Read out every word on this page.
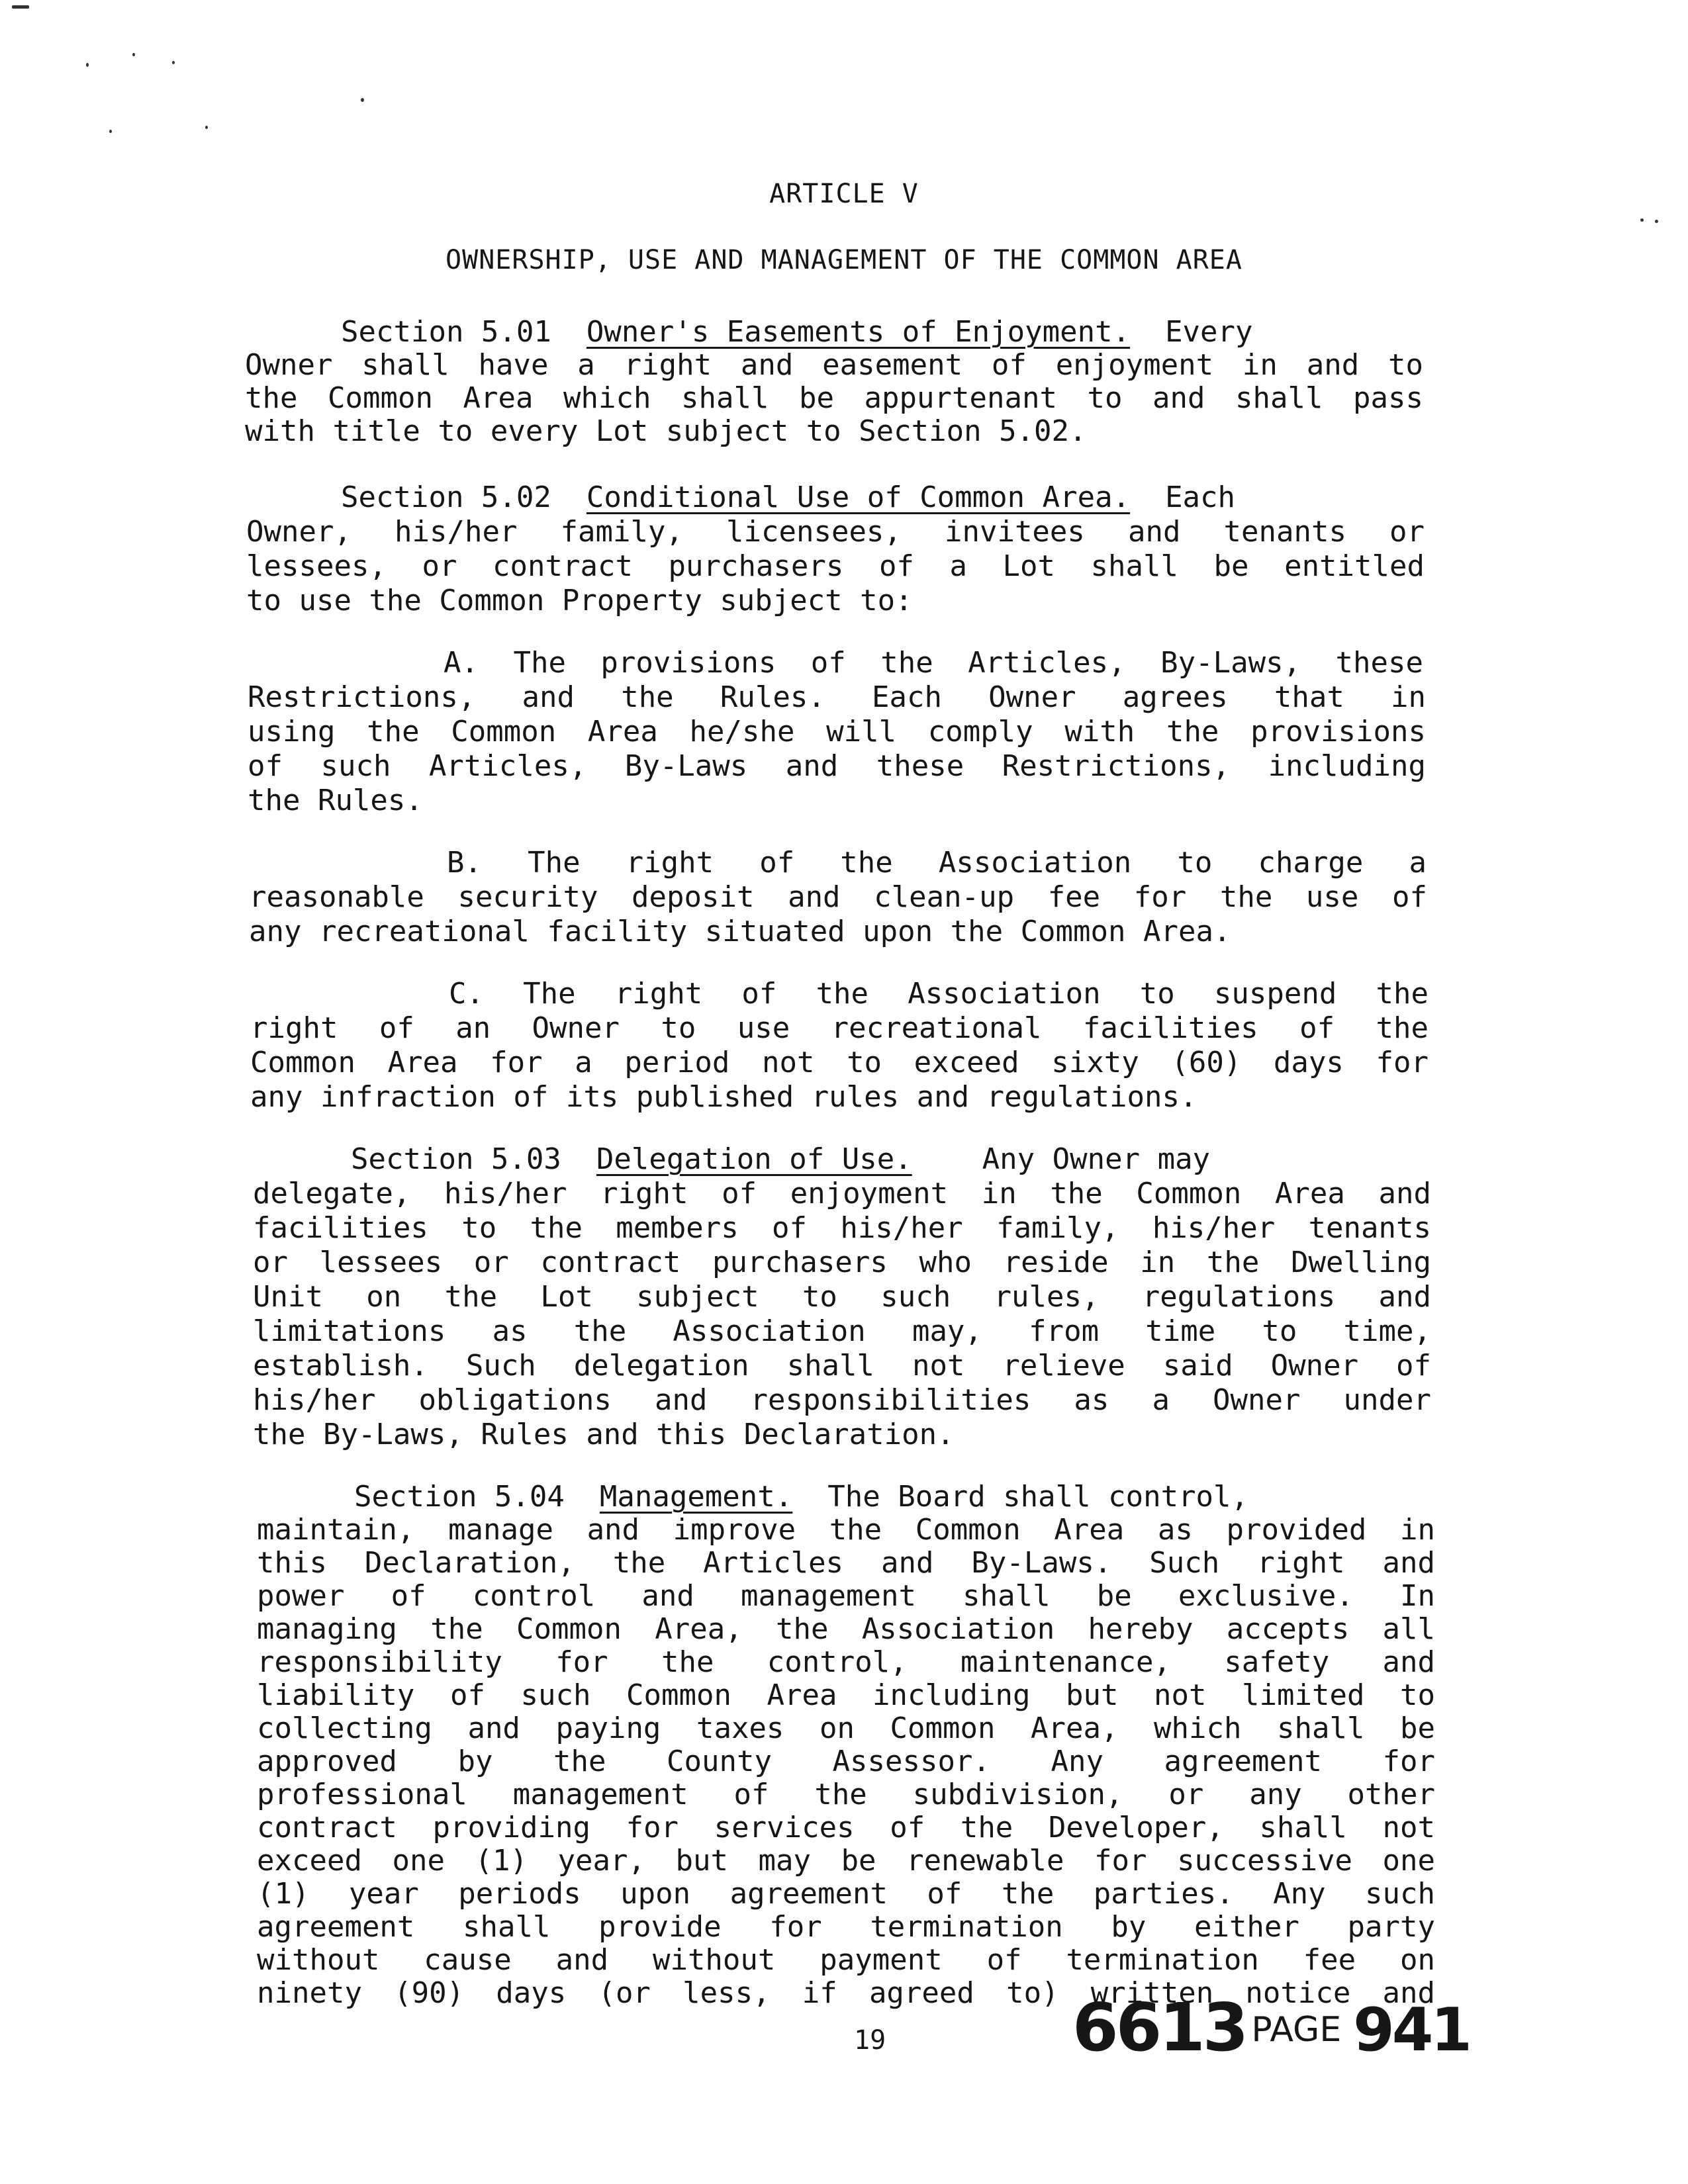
ARTICLE V
OWNERSHIP, USE AND MANAGEMENT OF THE COMMON AREA
Section 5.01 Owner's Easements of Enjoyment. Every
Owner shall have a right and easement of enjoyment in and to
the Common Area which shall be appurtenant to and shall pass
with title to every Lot subject to Section 5.02.
Section 5.02 Conditional Use of Common Area. Each
Owner, his/her family, licensees, invitees and tenants or
lessees, or contract purchasers of a Lot shall be entitled
to use the Common Property subject to:
A. The provisions of the Articles, By-Laws, these
Restrictions, and the Rules. Each Owner agrees that in
using the Common Area he/she will comply with the provisions
of such Articles, By-Laws and these Restrictions, including
the Rules.
B. The right of the Association to charge a
reasonable security deposit and clean-up fee for the use of
any recreational facility situated upon the Common Area.
C. The right of the Association to suspend the
right of an Owner to use recreational facilities of the
Common Area for a period not to exceed sixty (60) days for
any infraction of its published rules and regulations.
Section 5.03 Delegation of Use. Any Owner may
delegate, his/her right of enjoyment in the Common Area and
facilities to the members of his/her family, his/her tenants
or lessees or contract purchasers who reside in the Dwelling
Unit on the Lot subject to such rules, regulations and
limitations as the Association may, from time to time,
establish. Such delegation shall not relieve said Owner of
his/her obligations and responsibilities as a Owner under
the By-Laws, Rules and this Declaration.
Section 5.04 Management. The Board shall control,
maintain, manage and improve the Common Area as provided in
this Declaration, the Articles and By-Laws. Such right and
power of control and management shall be exclusive. In
managing the Common Area, the Association hereby accepts all
responsibility for the control, maintenance, safety and
liability of such Common Area including but not limited to
collecting and paying taxes on Common Area, which shall be
approved by the County Assessor. Any agreement for
professional management of the subdivision, or any other
contract providing for services of the Developer, shall not
exceed one (1) year, but may be renewable for successive one
(1) year periods upon agreement of the parties. Any such
agreement shall provide for termination by either party
without cause and without payment of termination fee on
ninety (90) days (or less, if agreed to) written notice and
19	6613 PAGE 941
